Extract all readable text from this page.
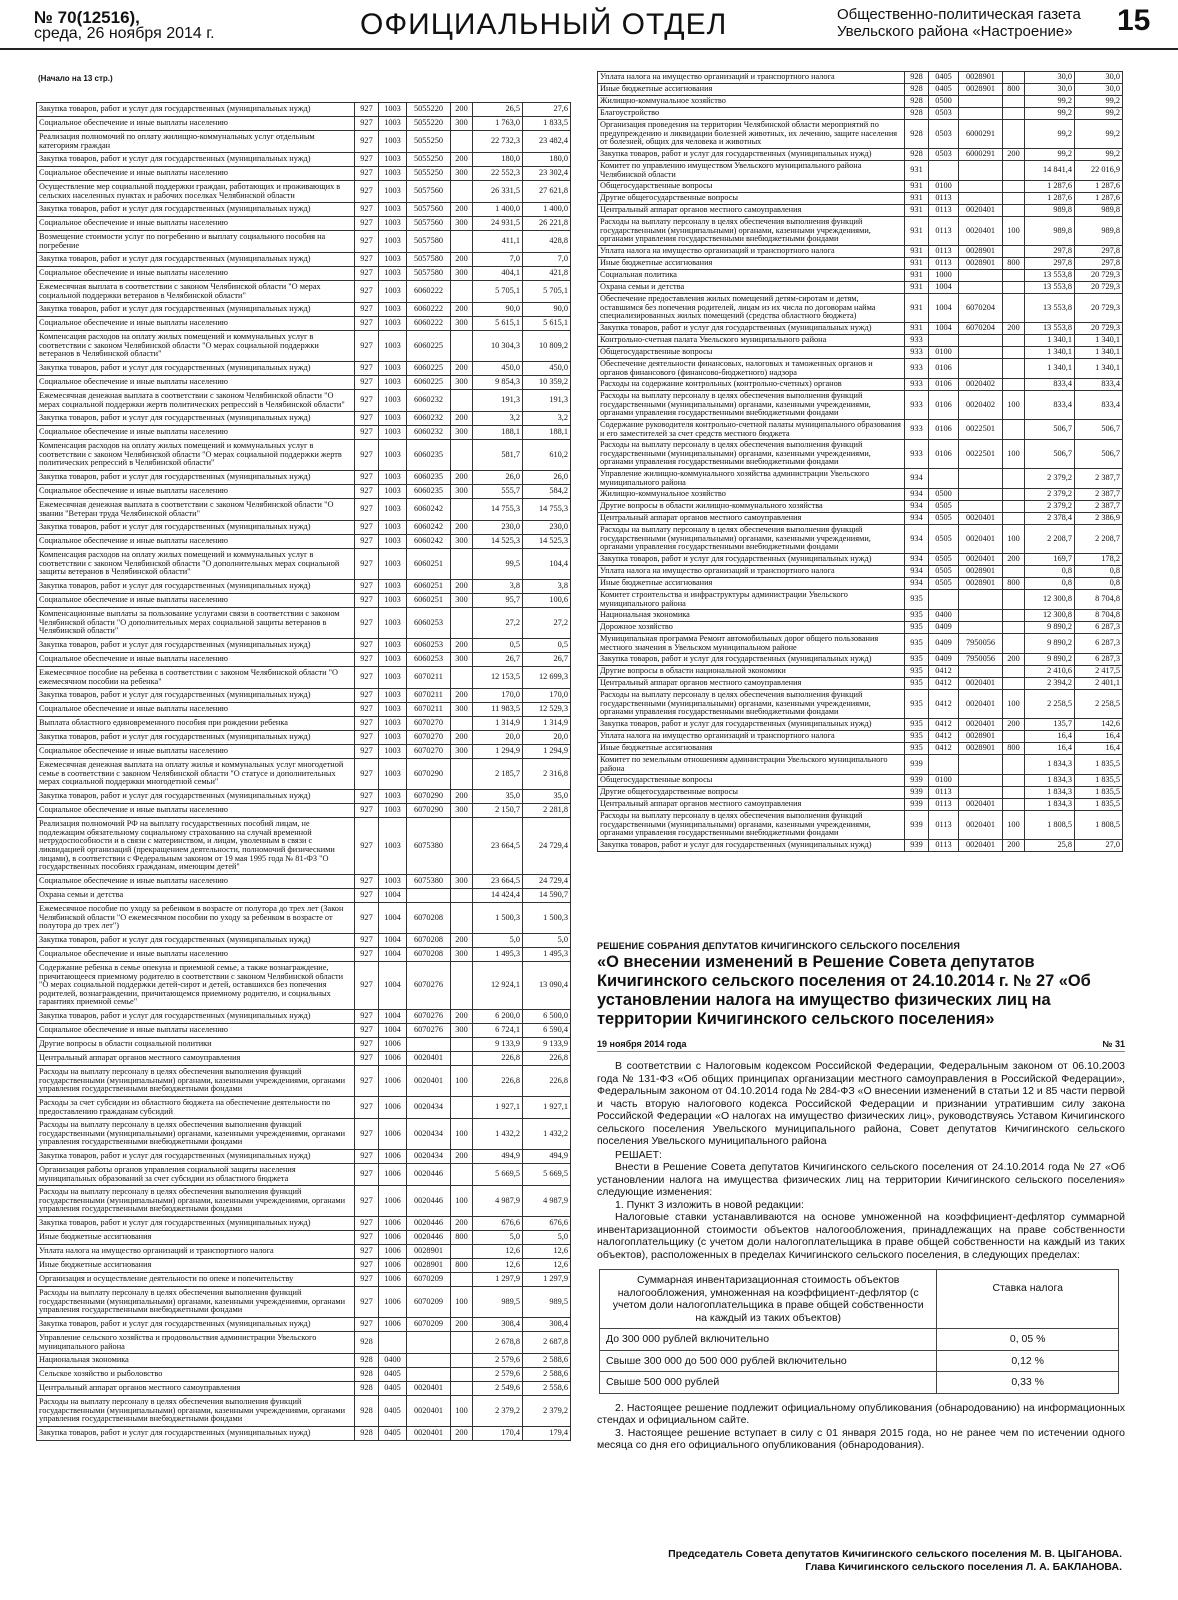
№ 70(12516),
среда, 26 ноября 2014 г.	ОФИЦИАЛЬНЫЙ ОТДЕЛ	Общественно-политическая газета
Увельского района «Настроение» 15
(Начало на 13 стр.)
Закупка товаров, работ и услуг для государственных (муниципальных нужд)	927	1003	5055220	200	26,5	27,6
Социальное обеспечение и иные выплаты населению	927	1003	5055220	300	1 763,0	1 833,5
Реализация полномочий по оплату жилищно-коммунальных услуг отдельным категориям граждан	927	1003	5055250		22 732,3	23 482,4
Закупка товаров, работ и услуг для государственных (муниципальных нужд)	927	1003	5055250	200	180,0	180,0
Социальное обеспечение и иные выплаты населению	927	1003	5055250	300	22 552,3	23 302,4
Осуществление мер социальной поддержки граждан, работающих и проживающих в сельских населенных пунктах и рабочих поселках Челябинской области	927	1003	5057560		26 331,5	27 621,8
Закупка товаров, работ и услуг для государственных (муниципальных нужд)	927	1003	5057560	200	1 400,0	1 400,0
Социальное обеспечение и иные выплаты населению	927	1003	5057560	300	24 931,5	26 221,8
Возмещение стоимости услуг по погребению и выплату социального пособия на погребение	927	1003	5057580		411,1	428,8
Закупка товаров, работ и услуг для государственных (муниципальных нужд)	927	1003	5057580	200	7,0	7,0
Социальное обеспечение и иные выплаты населению	927	1003	5057580	300	404,1	421,8
Ежемесячная выплата в соответствии с законом Челябинской области "О мерах социальной поддержки ветеранов в Челябинской области"	927	1003	6060222		5 705,1	5 705,1
Закупка товаров, работ и услуг для государственных (муниципальных нужд)	927	1003	6060222	200	90,0	90,0
Социальное обеспечение и иные выплаты населению	927	1003	6060222	300	5 615,1	5 615,1
Компенсация расходов на оплату жилых помещений и коммунальных услуг в соответствии с законом Челябинской области "О мерах социальной поддержки ветеранов в Челябинской области"	927	1003	6060225		10 304,3	10 809,2
Закупка товаров, работ и услуг для государственных (муниципальных нужд)	927	1003	6060225	200	450,0	450,0
Социальное обеспечение и иные выплаты населению	927	1003	6060225	300	9 854,3	10 359,2
Ежемесячная денежная выплата в соответствии с законом Челябинской области "О мерах социальной поддержки жертв политических репрессий в Челябинской области"	927	1003	6060232		191,3	191,3
Закупка товаров, работ и услуг для государственных (муниципальных нужд)	927	1003	6060232	200	3,2	3,2
Социальное обеспечение и иные выплаты населению	927	1003	6060232	300	188,1	188,1
Компенсация расходов на оплату жилых помещений и коммунальных услуг в соответствии с законом Челябинской области "О мерах социальной поддержки жертв политических репрессий в Челябинской области"	927	1003	6060235		581,7	610,2
Закупка товаров, работ и услуг для государственных (муниципальных нужд)	927	1003	6060235	200	26,0	26,0
Социальное обеспечение и иные выплаты населению	927	1003	6060235	300	555,7	584,2
Ежемесячная денежная выплата в соответствии с законом Челябинской области "О звании "Ветеран труда Челябинской области"	927	1003	6060242		14 755,3	14 755,3
Закупка товаров, работ и услуг для государственных (муниципальных нужд)	927	1003	6060242	200	230,0	230,0
Социальное обеспечение и иные выплаты населению	927	1003	6060242	300	14 525,3	14 525,3
Компенсация расходов на оплату жилых помещений и коммунальных услуг в соответствии с законом Челябинской области "О дополнительных мерах социальной защиты ветеранов в Челябинской области"	927	1003	6060251		99,5	104,4
Закупка товаров, работ и услуг для государственных (муниципальных нужд)	927	1003	6060251	200	3,8	3,8
Социальное обеспечение и иные выплаты населению	927	1003	6060251	300	95,7	100,6
Компенсационные выплаты за пользование услугами связи в соответствии с законом Челябинской области "О дополнительных мерах социальной защиты ветеранов в Челябинской области"	927	1003	6060253		27,2	27,2
Закупка товаров, работ и услуг для государственных (муниципальных нужд)	927	1003	6060253	200	0,5	0,5
Социальное обеспечение и иные выплаты населению	927	1003	6060253	300	26,7	26,7
Ежемесячное пособие на ребенка в соответствии с законом Челябинской области "О ежемесячном пособии на ребенка"	927	1003	6070211		12 153,5	12 699,3
Закупка товаров, работ и услуг для государственных (муниципальных нужд)	927	1003	6070211	200	170,0	170,0
Социальное обеспечение и иные выплаты населению	927	1003	6070211	300	11 983,5	12 529,3
Выплата областного единовременного пособия при рождении ребенка	927	1003	6070270		1 314,9	1 314,9
Закупка товаров, работ и услуг для государственных (муниципальных нужд)	927	1003	6070270	200	20,0	20,0
Социальное обеспечение и иные выплаты населению	927	1003	6070270	300	1 294,9	1 294,9
Ежемесячная денежная выплата на оплату жилья и коммунальных услуг многодетной семье в соответствии с законом Челябинской области "О статусе и дополнительных мерах социальной поддержки многодетной семьи"	927	1003	6070290		2 185,7	2 316,8
Закупка товаров, работ и услуг для государственных (муниципальных нужд)	927	1003	6070290	200	35,0	35,0
Социальное обеспечение и иные выплаты населению	927	1003	6070290	300	2 150,7	2 281,8
Реализация полномочий РФ на выплату государственных пособий лицам, не подлежащим обязательному социальному страхованию на случай временной нетрудоспособности и в связи с материнством, и лицам, уволенным в связи с ликвидацией организаций (прекращением деятельности, полномочий физическими лицами), в соответствии с Федеральным законом от 19 мая 1995 года № 81-ФЗ "О государственных пособиях гражданам, имеющим детей"	927	1003	6075380		23 664,5	24 729,4
Социальное обеспечение и иные выплаты населению	927	1003	6075380	300	23 664,5	24 729,4
Охрана семьи и детства	927	1004			14 424,4	14 590,7
Ежемесячное пособие по уходу за ребенком в возрасте от полутора до трех лет (Закон Челябинской области "О ежемесячном пособии по уходу за ребенком в возрасте от полутора до трех лет")	927	1004	6070208		1 500,3	1 500,3
Закупка товаров, работ и услуг для государственных (муниципальных нужд)	927	1004	6070208	200	5,0	5,0
Социальное обеспечение и иные выплаты населению	927	1004	6070208	300	1 495,3	1 495,3
Содержание ребенка в семье опекуна и приемной семье, а также вознаграждение, причитающееся приемному родителю в соответствии с законом Челябинской области "О мерах социальной поддержки детей-сирот и детей, оставшихся без попечения родителей, вознаграждении, причитающемся приемному родителю, и социальных гарантиях приемной семье"	927	1004	6070276		12 924,1	13 090,4
Закупка товаров, работ и услуг для государственных (муниципальных нужд)	927	1004	6070276	200	6 200,0	6 500,0
Социальное обеспечение и иные выплаты населению	927	1004	6070276	300	6 724,1	6 590,4
Другие вопросы в области социальной политики	927	1006			9 133,9	9 133,9
Центральный аппарат органов местного самоуправления	927	1006	0020401		226,8	226,8
Расходы на выплату персоналу в целях обеспечения выполнения функций государственными (муниципальными) органами, казенными учреждениями, органами управления государственными внебюджетными фондами	927	1006	0020401	100	226,8	226,8
Расходы за счет субсидии из областного бюджета на обеспечение деятельности по предоставлению гражданам субсидий	927	1006	0020434		1 927,1	1 927,1
Расходы на выплату персоналу в целях обеспечения выполнения функций государственными (муниципальными) органами, казенными учреждениями, органами управления государственными внебюджетными фондами	927	1006	0020434	100	1 432,2	1 432,2
Закупка товаров, работ и услуг для государственных (муниципальных нужд)	927	1006	0020434	200	494,9	494,9
Организация работы органов управления социальной защиты населения муниципальных образований за счет субсидии из областного бюджета	927	1006	0020446		5 669,5	5 669,5
Расходы на выплату персоналу в целях обеспечения выполнения функций государственными (муниципальными) органами, казенными учреждениями, органами управления государственными внебюджетными фондами	927	1006	0020446	100	4 987,9	4 987,9
Закупка товаров, работ и услуг для государственных (муниципальных нужд)	927	1006	0020446	200	676,6	676,6
Иные бюджетные ассигнования	927	1006	0020446	800	5,0	5,0
Уплата налога на имущество организаций и транспортного налога	927	1006	0028901		12,6	12,6
Иные бюджетные ассигнования	927	1006	0028901	800	12,6	12,6
Организация и осуществление деятельности по опеке и попечительству	927	1006	6070209		1 297,9	1 297,9
Расходы на выплату персоналу в целях обеспечения выполнения функций государственными (муниципальными) органами, казенными учреждениями, органами управления государственными внебюджетными фондами	927	1006	6070209	100	989,5	989,5
Закупка товаров, работ и услуг для государственных (муниципальных нужд)	927	1006	6070209	200	308,4	308,4
Управление сельского хозяйства и продовольствия администрации Увельского муниципального района	928				2 678,8	2 687,8
Национальная экономика	928	0400			2 579,6	2 588,6
Сельское хозяйство и рыболовство	928	0405			2 579,6	2 588,6
Центральный аппарат органов местного самоуправления	928	0405	0020401		2 549,6	2 558,6
Расходы на выплату персоналу в целях обеспечения выполнения функций государственными (муниципальными) органами, казенными учреждениями, органами управления государственными внебюджетными фондами	928	0405	0020401	100	2 379,2	2 379,2
Закупка товаров, работ и услуг для государственных (муниципальных нужд)	928	0405	0020401	200	170,4	179,4
Уплата налога на имущество организаций и транспортного налога	928	0405	0028901		30,0	30,0
Иные бюджетные ассигнования	928	0405	0028901	800	30,0	30,0
Жилищно-коммунальное хозяйство	928	0500			99,2	99,2
Благоустройство	928	0503			99,2	99,2
Организация проведения на территории Челябинской области мероприятий по предупреждению и ликвидации болезней животных, их лечению, защите населения от болезней, общих для человека и животных	928	0503	6000291		99,2	99,2
Закупка товаров, работ и услуг для государственных (муниципальных нужд)	928	0503	6000291	200	99,2	99,2
Комитет по управлению имуществом Увельского муниципального района Челябинской области	931				14 841,4	22 016,9
Общегосударственные вопросы	931	0100			1 287,6	1 287,6
Другие общегосударственные вопросы	931	0113			1 287,6	1 287,6
Центральный аппарат органов местного самоуправления	931	0113	0020401		989,8	989,8
Расходы на выплату персоналу в целях обеспечения выполнения функций государственными (муниципальными) органами, казенными учреждениями, органами управления государственными внебюджетными фондами	931	0113	0020401	100	989,8	989,8
Уплата налога на имущество организаций и транспортного налога	931	0113	0028901		297,8	297,8
Иные бюджетные ассигнования	931	0113	0028901	800	297,8	297,8
Социальная политика	931	1000			13 553,8	20 729,3
Охрана семьи и детства	931	1004			13 553,8	20 729,3
Обеспечение предоставления жилых помещений детям-сиротам и детям, оставшимся без попечения родителей, лицам из их числа по договорам найма специализированных жилых помещений (средства областного бюджета)	931	1004	6070204		13 553,8	20 729,3
Закупка товаров, работ и услуг для государственных (муниципальных нужд)	931	1004	6070204	200	13 553,8	20 729,3
Контрольно-счетная палата Увельского муниципального района	933				1 340,1	1 340,1
Общегосударственные вопросы	933	0100			1 340,1	1 340,1
Обеспечение деятельности финансовых, налоговых и таможенных органов и органов финансового (финансово-бюджетного) надзора	933	0106			1 340,1	1 340,1
Расходы на содержание контрольных (контрольно-счетных) органов	933	0106	0020402		833,4	833,4
Расходы на выплату персоналу в целях обеспечения выполнения функций государственными (муниципальными) органами, казенными учреждениями, органами управления государственными внебюджетными фондами	933	0106	0020402	100	833,4	833,4
Содержание руководителя контрольно-счетной палаты муниципального образования и его заместителей за счет средств местного бюджета	933	0106	0022501		506,7	506,7
Расходы на выплату персоналу в целях обеспечения выполнения функций государственными (муниципальными) органами, казенными учреждениями, органами управления государственными внебюджетными фондами	933	0106	0022501	100	506,7	506,7
Управление жилищно-коммунального хозяйства администрации Увельского муниципального района	934				2 379,2	2 387,7
Жилищно-коммунальное хозяйство	934	0500			2 379,2	2 387,7
Другие вопросы в области жилищно-коммунального хозяйства	934	0505			2 379,2	2 387,7
Центральный аппарат органов местного самоуправления	934	0505	0020401		2 378,4	2 386,9
Расходы на выплату персоналу в целях обеспечения выполнения функций государственными (муниципальными) органами, казенными учреждениями, органами управления государственными внебюджетными фондами	934	0505	0020401	100	2 208,7	2 208,7
Закупка товаров, работ и услуг для государственных (муниципальных нужд)	934	0505	0020401	200	169,7	178,2
Уплата налога на имущество организаций и транспортного налога	934	0505	0028901		0,8	0,8
Иные бюджетные ассигнования	934	0505	0028901	800	0,8	0,8
Комитет строительства и инфраструктуры администрации Увельского муниципального района	935				12 300,8	8 704,8
Национальная экономика	935	0400			12 300,8	8 704,8
Дорожное хозяйство	935	0409			9 890,2	6 287,3
Муниципальная программа Ремонт автомобильных дорог общего пользования местного значения в Увельском муниципальном районе	935	0409	7950056		9 890,2	6 287,3
Закупка товаров, работ и услуг для государственных (муниципальных нужд)	935	0409	7950056	200	9 890,2	6 287,3
Другие вопросы в области национальной экономики	935	0412			2 410,6	2 417,5
Центральный аппарат органов местного самоуправления	935	0412	0020401		2 394,2	2 401,1
Расходы на выплату персоналу в целях обеспечения выполнения функций государственными (муниципальными) органами, казенными учреждениями, органами управления государственными внебюджетными фондами	935	0412	0020401	100	2 258,5	2 258,5
Закупка товаров, работ и услуг для государственных (муниципальных нужд)	935	0412	0020401	200	135,7	142,6
Уплата налога на имущество организаций и транспортного налога	935	0412	0028901		16,4	16,4
Иные бюджетные ассигнования	935	0412	0028901	800	16,4	16,4
Комитет по земельным отношениям администрации Увельского муниципального района	939				1 834,3	1 835,5
Общегосударственные вопросы	939	0100			1 834,3	1 835,5
Другие общегосударственные вопросы	939	0113			1 834,3	1 835,5
Центральный аппарат органов местного самоуправления	939	0113	0020401		1 834,3	1 835,5
Расходы на выплату персоналу в целях обеспечения выполнения функций государственными (муниципальными) органами, казенными учреждениями, органами управления государственными внебюджетными фондами	939	0113	0020401	100	1 808,5	1 808,5
Закупка товаров, работ и услуг для государственных (муниципальных нужд)	939	0113	0020401	200	25,8	27,0
РЕШЕНИЕ СОБРАНИЯ ДЕПУТАТОВ КИЧИГИНСКОГО СЕЛЬСКОГО ПОСЕЛЕНИЯ
«О внесении изменений в Решение Совета депутатов Кичигинского сельского поселения от 24.10.2014 г. № 27 «Об установлении налога на имущество физических лиц на территории Кичигинского сельского поселения»
19 ноября 2014 года	№ 31

В соответствии с Налоговым кодексом Российской Федерации, Федеральным законом от 06.10.2003 года № 131-ФЗ «Об общих принципах организации местного самоуправления в Российской Федерации», Федеральным законом от 04.10.2014 года № 284-ФЗ «О внесении изменений в статьи 12 и 85 части первой и часть вторую налогового кодекса Российской Федерации и признании утратившим силу закона Российской Федерации «О налогах на имущество физических лиц», руководствуясь Уставом Кичигинского сельского поселения Увельского муниципального района, Совет депутатов Кичигинского сельского поселения Увельского муниципального района

РЕШАЕТ:

Внести в Решение Совета депутатов Кичигинского сельского поселения от 24.10.2014 года № 27 «Об установлении налога на имущества физических лиц на территории Кичигинского сельского поселения» следующие изменения:

1. Пункт 3 изложить в новой редакции:

Налоговые ставки устанавливаются на основе умноженной на коэффициент-дефлятор суммарной инвентаризационной стоимости объектов налогообложения, принадлежащих на праве собственности налогоплательщику (с учетом доли налогоплательщика в праве общей собственности на каждый из таких объектов), расположенных в пределах Кичигинского сельского поселения, в следующих пределах:

Суммарная инвентаризационная стоимость объектов налогообложения, умноженная на коэффициент-дефлятор (с учетом доли налогоплательщика в праве общей собственности на каждый из таких объектов)	Ставка налога
До 300 000 рублей включительно	0, 05 %
Свыше 300 000 до 500 000 рублей включительно	0,12 %
Свыше 500 000 рублей	0,33 %

2. Настоящее решение подлежит официальному опубликования (обнародованию) на информационных стендах и официальном сайте.

3. Настоящее решение вступает в силу с 01 января 2015 года, но не ранее чем по истечении одного месяца со дня его официального опубликования (обнародования).

Председатель Совета депутатов Кичигинского сельского поселения М. В. ЦЫГАНОВА.
Глава Кичигинского сельского поселения Л. А. БАКЛАНОВА.
